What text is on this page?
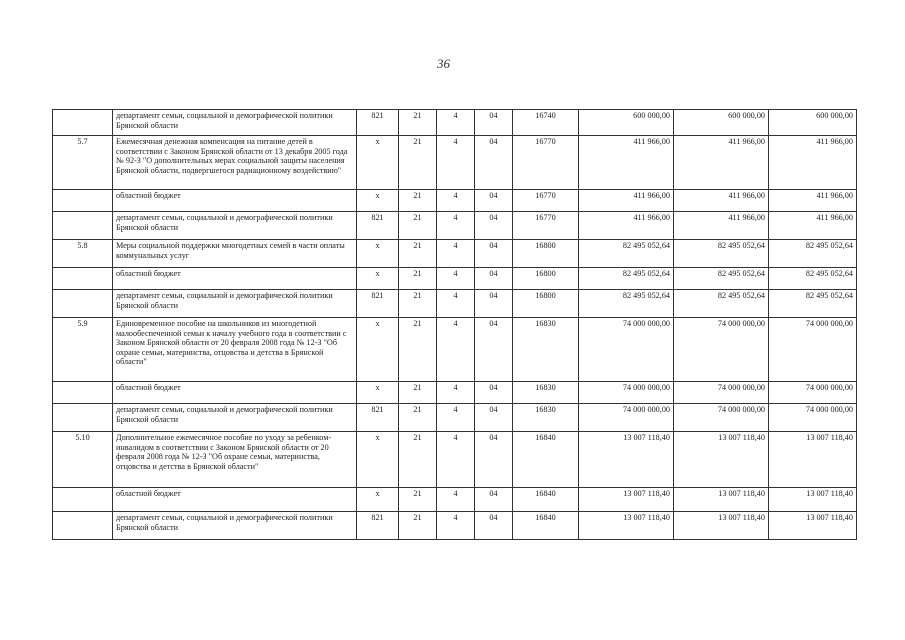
36
	департамент семьи, социальной и демографической политики Брянской области	821	21	4	04	16740	600 000,00	600 000,00	600 000,00
5.7	Ежемесячная денежная компенсация на питание детей в соответствии с Законом Брянской области от 13 декабря 2005 года № 92-З "О дополнительных мерах социальной защиты населения Брянской области, подвергшегося радиационному воздействию"	х	21	4	04	16770	411 966,00	411 966,00	411 966,00
	областной бюджет	х	21	4	04	16770	411 966,00	411 966,00	411 966,00
	департамент семьи, социальной и демографической политики Брянской области	821	21	4	04	16770	411 966,00	411 966,00	411 966,00
5.8	Меры социальной поддержки многодетных семей в части оплаты коммунальных услуг	х	21	4	04	16800	82 495 052,64	82 495 052,64	82 495 052,64
	областной бюджет	х	21	4	04	16800	82 495 052,64	82 495 052,64	82 495 052,64
	департамент семьи, социальной и демографической политики Брянской области	821	21	4	04	16800	82 495 052,64	82 495 052,64	82 495 052,64
5.9	Единовременное пособие на школьников из многодетной малообеспеченной семьи к началу учебного года в соответствии с Законом Брянской области от 20 февраля 2008 года № 12-З "Об охране семьи, материнства, отцовства и детства в Брянской области"	х	21	4	04	16830	74 000 000,00	74 000 000,00	74 000 000,00
	областной бюджет	х	21	4	04	16830	74 000 000,00	74 000 000,00	74 000 000,00
	департамент семьи, социальной и демографической политики Брянской области	821	21	4	04	16830	74 000 000,00	74 000 000,00	74 000 000,00
5.10	Дополнительное ежемесячное пособие по уходу за ребенком-инвалидом в соответствии с Законом Брянской области от 20 февраля 2008 года № 12-З "Об охране семьи, материнства, отцовства и детства в Брянской области"	х	21	4	04	16840	13 007 118,40	13 007 118,40	13 007 118,40
	областной бюджет	х	21	4	04	16840	13 007 118,40	13 007 118,40	13 007 118,40
	департамент семьи, социальной и демографической политики Брянской области	821	21	4	04	16840	13 007 118,40	13 007 118,40	13 007 118,40
